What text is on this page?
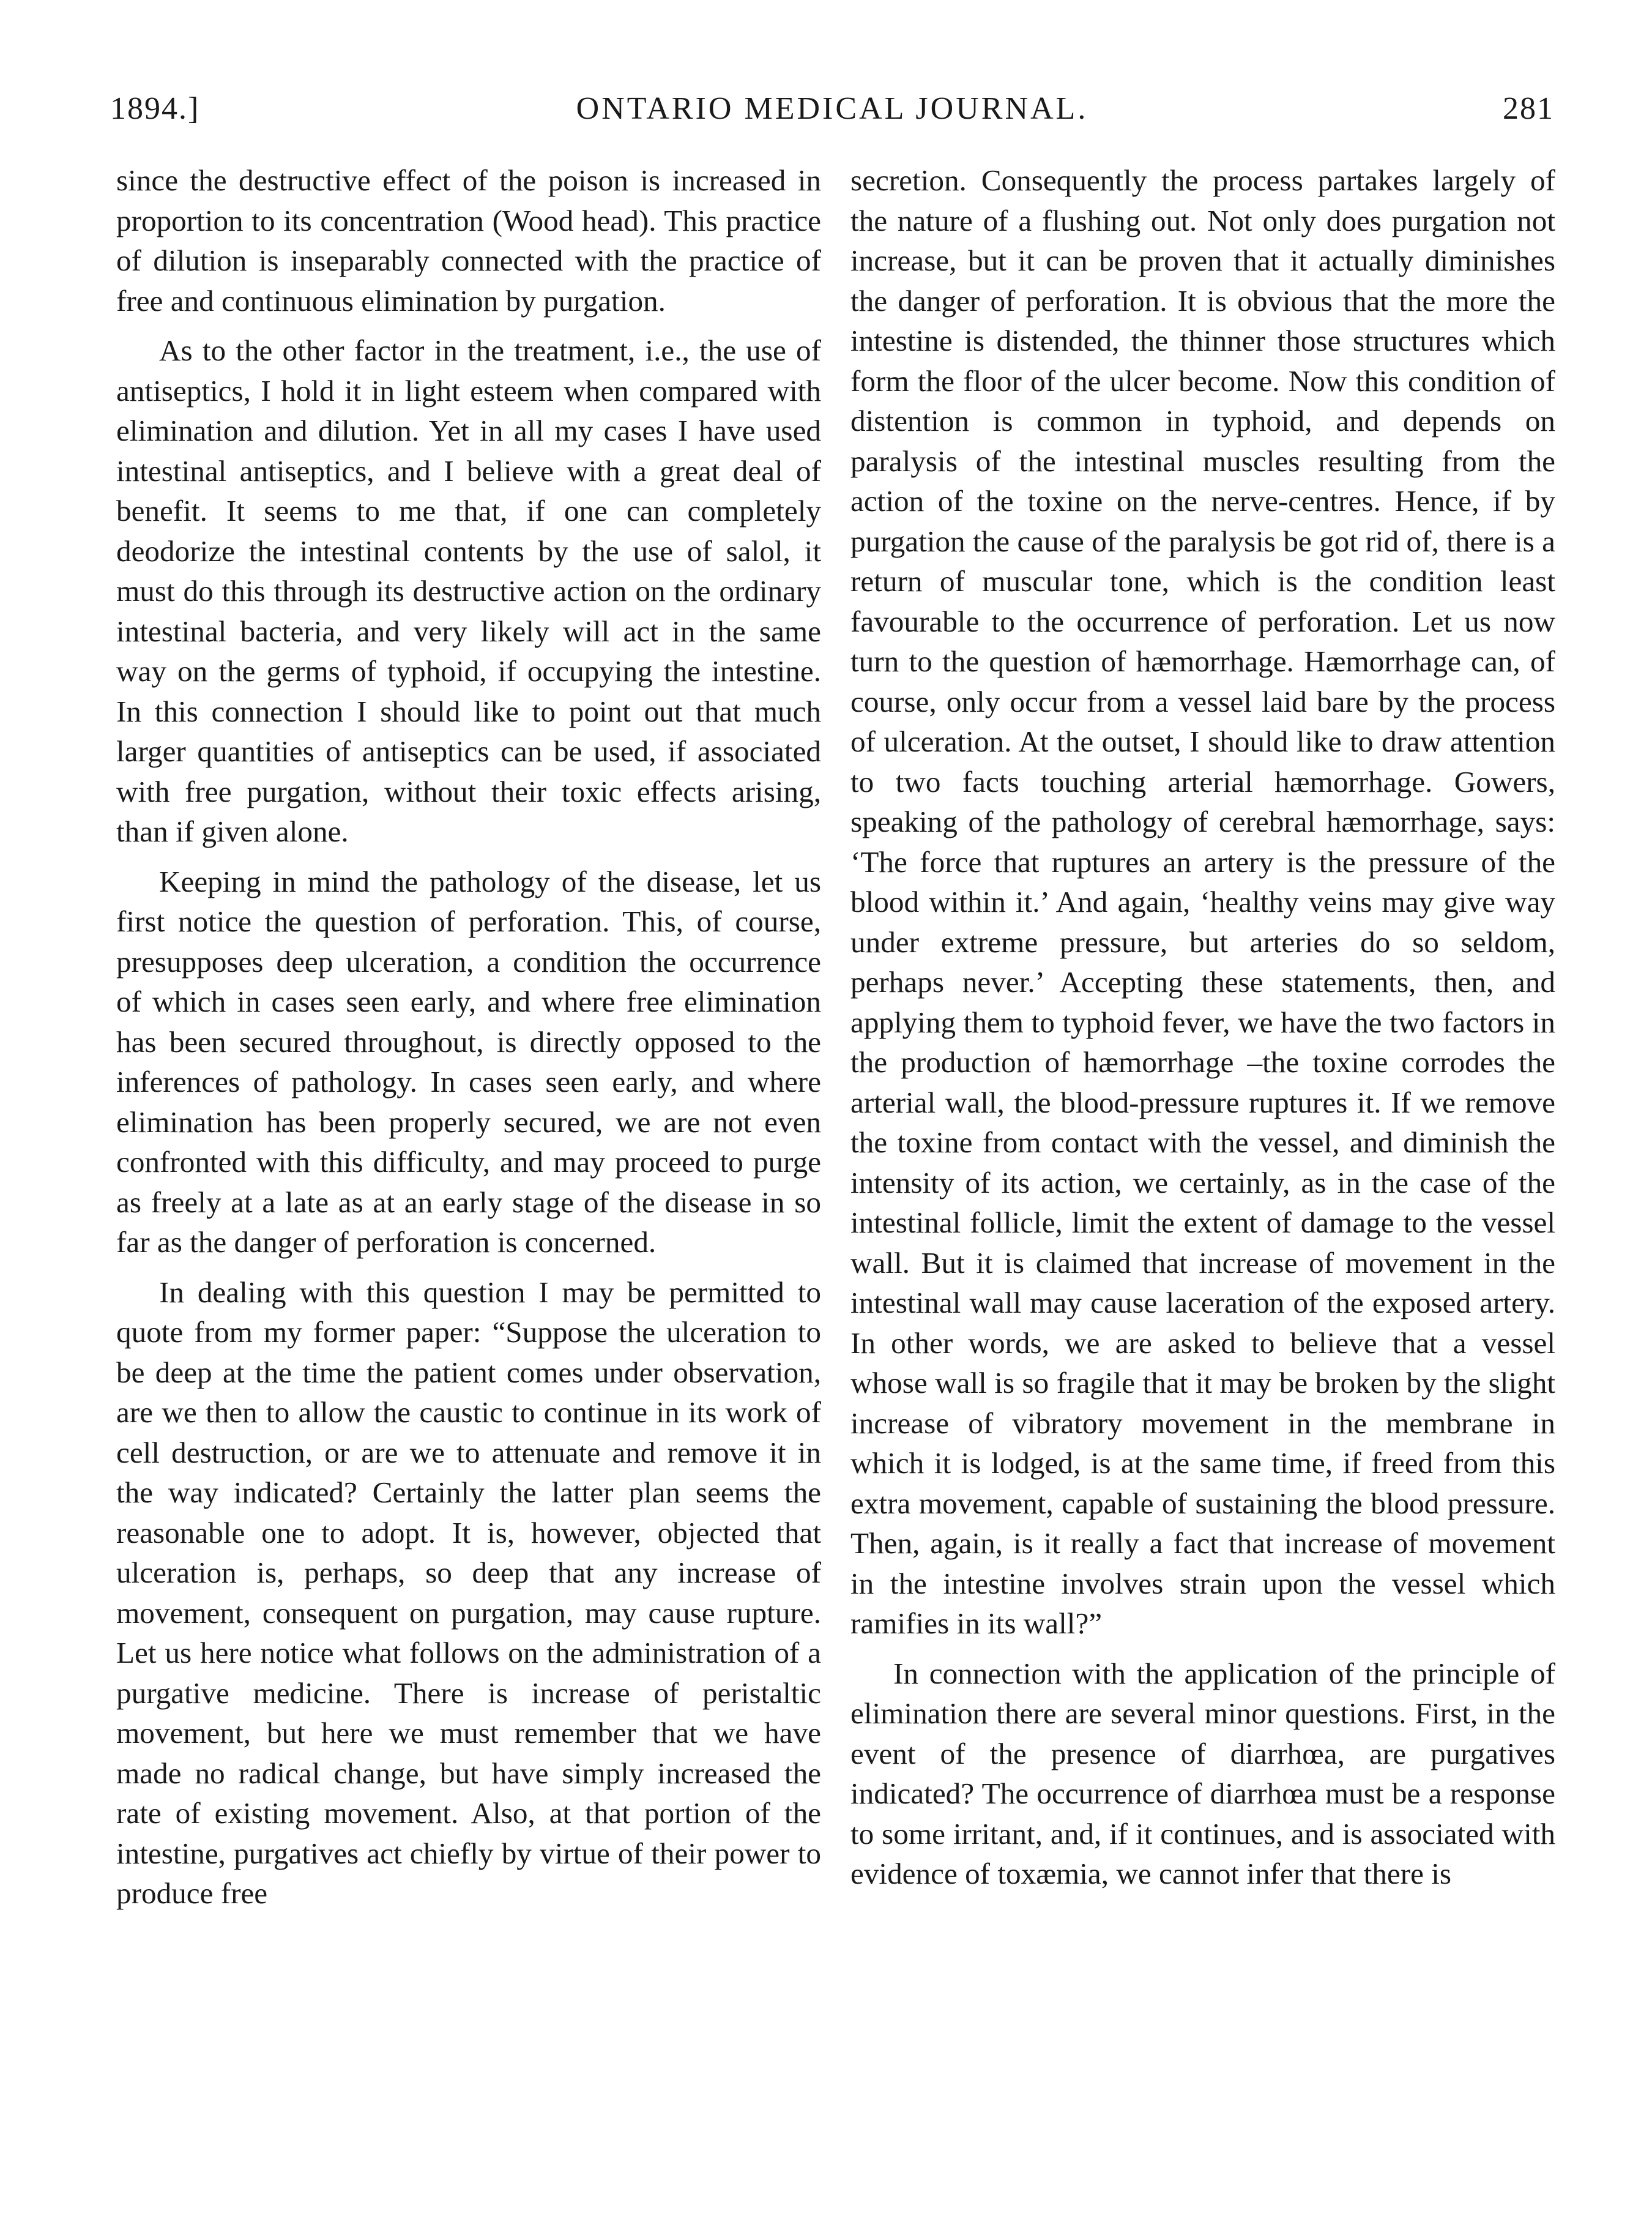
ONTARIO MEDICAL JOURNAL.
1894.]	281

since the destructive effect of the poison is increased in proportion to its concentration (Wood head). This practice of dilution is inseparably connected with the practice of free and continuous elimination by purgation.

As to the other factor in the treatment, i.e., the use of antiseptics, I hold it in light esteem when compared with elimination and dilution. Yet in all my cases I have used intestinal antiseptics, and I believe with a great deal of benefit. It seems to me that, if one can completely deodorize the intestinal contents by the use of salol, it must do this through its destructive action on the ordinary intestinal bacteria, and very likely will act in the same way on the germs of typhoid, if occupying the intestine. In this connection I should like to point out that much larger quantities of antiseptics can be used, if associated with free purgation, without their toxic effects arising, than if given alone.

Keeping in mind the pathology of the disease, let us first notice the question of perforation. This, of course, presupposes deep ulceration, a condition the occurrence of which in cases seen early, and where free elimination has been secured throughout, is directly opposed to the inferences of pathology. In cases seen early, and where elimination has been properly secured, we are not even confronted with this difficulty, and may proceed to purge as freely at a late as at an early stage of the disease in so far as the danger of perforation is concerned.

In dealing with this question I may be permitted to quote from my former paper: “Suppose the ulceration to be deep at the time the patient comes under observation, are we then to allow the caustic to continue in its work of cell destruction, or are we to attenuate and remove it in the way indicated? Certainly the latter plan seems the reasonable one to adopt. It is, however, objected that ulceration is, perhaps, so deep that any increase of movement, consequent on purgation, may cause rupture. Let us here notice what follows on the administration of a purgative medicine. There is increase of peristaltic movement, but here we must remember that we have made no radical change, but have simply increased the rate of existing movement. Also, at that portion of the intestine, purgatives act chiefly by virtue of their power to produce free

secretion. Consequently the process partakes largely of the nature of a flushing out. Not only does purgation not increase, but it can be proven that it actually diminishes the danger of perforation. It is obvious that the more the intestine is distended, the thinner those structures which form the floor of the ulcer become. Now this condition of distention is common in typhoid, and depends on paralysis of the intestinal muscles resulting from the action of the toxine on the nerve-centres. Hence, if by purgation the cause of the paralysis be got rid of, there is a return of muscular tone, which is the condition least favourable to the occurrence of perforation. Let us now turn to the question of hæmorrhage. Hæmorrhage can, of course, only occur from a vessel laid bare by the process of ulceration. At the outset, I should like to draw attention to two facts touching arterial hæmorrhage. Gowers, speaking of the pathology of cerebral hæmorrhage, says: ‘The force that ruptures an artery is the pressure of the blood within it.’ And again, ‘healthy veins may give way under extreme pressure, but arteries do so seldom, perhaps never.’ Accepting these statements, then, and applying them to typhoid fever, we have the two factors in the production of hæmorrhage –the toxine corrodes the arterial wall, the blood-pressure ruptures it. If we remove the toxine from contact with the vessel, and diminish the intensity of its action, we certainly, as in the case of the intestinal follicle, limit the extent of damage to the vessel wall. But it is claimed that increase of movement in the intestinal wall may cause laceration of the exposed artery. In other words, we are asked to believe that a vessel whose wall is so fragile that it may be broken by the slight increase of vibratory movement in the membrane in which it is lodged, is at the same time, if freed from this extra movement, capable of sustaining the blood pressure. Then, again, is it really a fact that increase of movement in the intestine involves strain upon the vessel which ramifies in its wall?”

In connection with the application of the principle of elimination there are several minor questions. First, in the event of the presence of diarrhœa, are purgatives indicated? The occurrence of diarrhœa must be a response to some irritant, and, if it continues, and is associated with evidence of toxæmia, we cannot infer that there is
